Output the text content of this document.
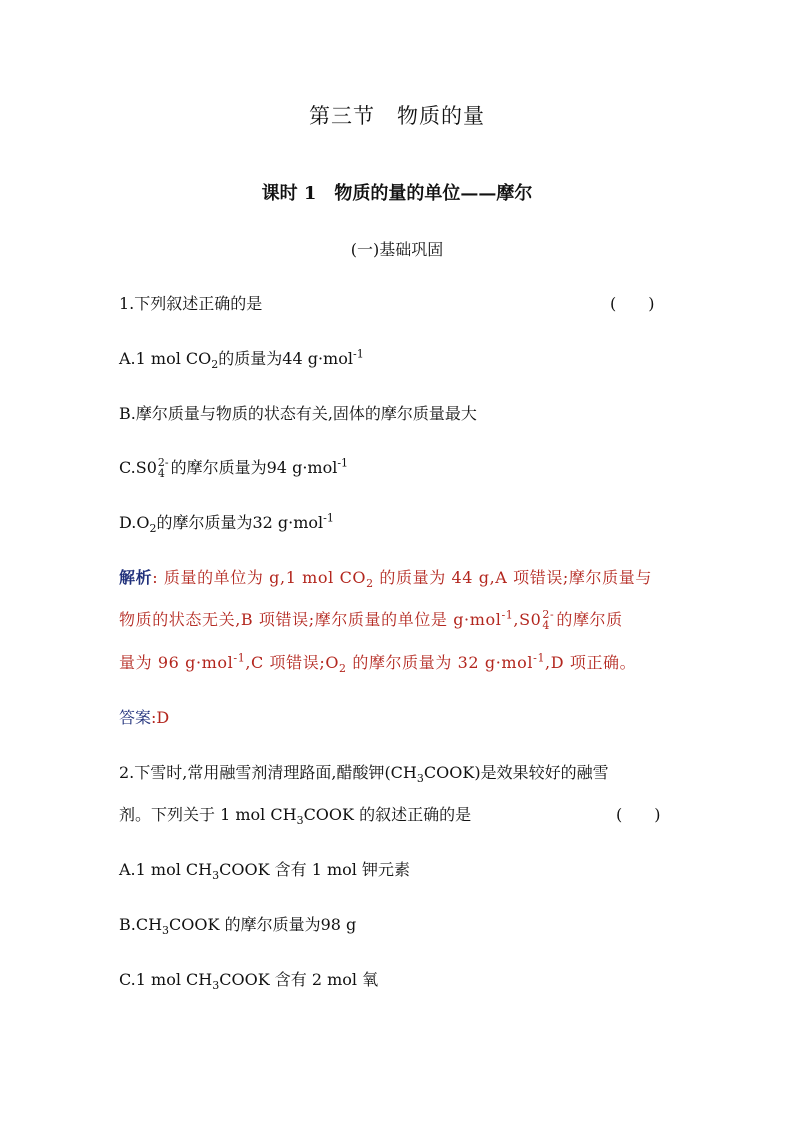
第三节　物质的量
课时 1　物质的量的单位——摩尔
(一)基础巩固
1.下列叙述正确的是	(　　)
A.1 mol $CO_2$的质量为44 g·mol$^{-1}$
B.摩尔质量与物质的状态有关,固体的摩尔质量最大
C.S0 2-
4 的摩尔质量为94 g·mol$^{-1}$
$D.O_2$的摩尔质量为32 g·mol$^{-1}$
解析: 质量的单位为 g,1 mol $CO_2$ 的质量为 44 g,A 项错误;摩尔质量与
物质的状态无关,B 项错误;摩尔质量的单位是 g·mol$^{-1}$,S0 2-
4 的摩尔质
量为 96 g·mol$^{-1}$,C 项错误$;O_2$ 的摩尔质量为 32 g·mol$^{-1}$,D 项正确。
答案:D
2.下雪时,常用融雪剂清理路面,醋酸钾$(CH_3COOK)$是效果较好的融雪
剂。下列关于 1 mol $CH_3COOK$ 的叙述正确的是	(　　)
A.1 mol $CH_3COOK$ 含有 1 mol 钾元素
$B.CH_3COOK$ 的摩尔质量为98 g
C.1 mol $CH_3COOK$ 含有 2 mol 氧
